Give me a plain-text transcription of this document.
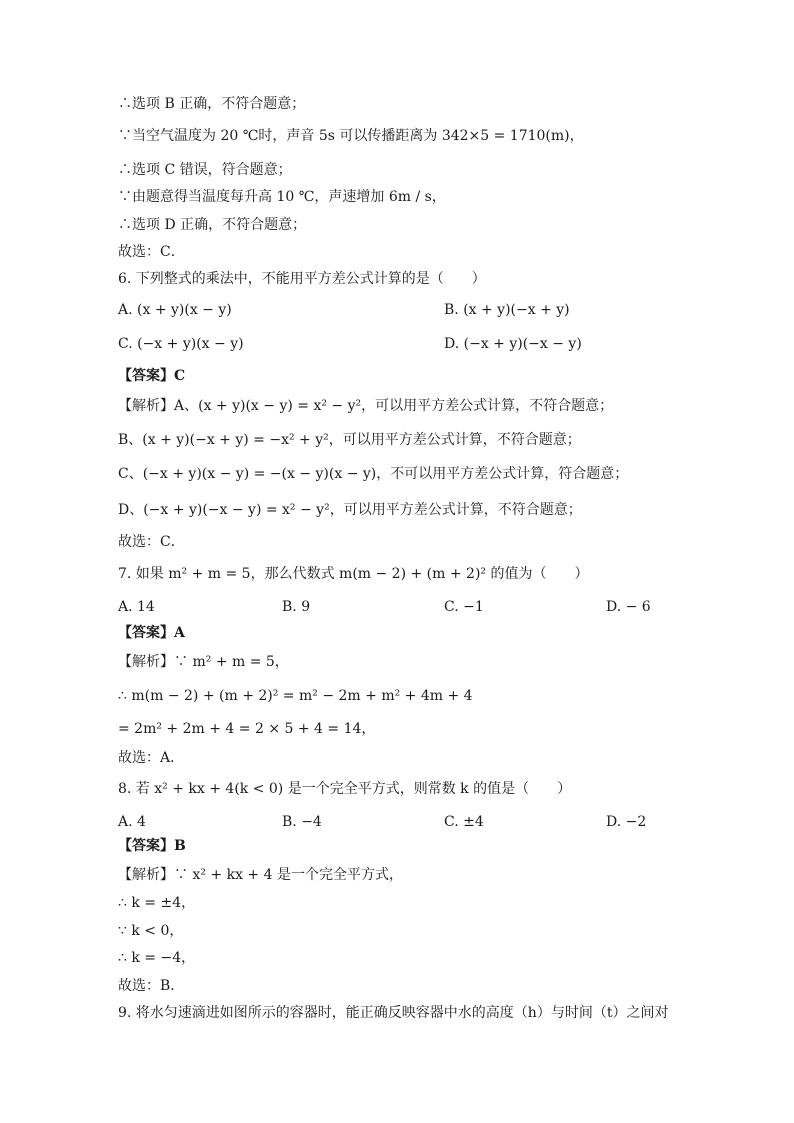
∴选项 B 正确，不符合题意；
∵当空气温度为 20 ℃时，声音 5s 可以传播距离为 342×5 = 1710(m)，
∴选项 C 错误，符合题意；
∵由题意得当温度每升高 10 ℃，声速增加 6m / s，
∴选项 D 正确，不符合题意；
故选：C．
6. 下列整式的乘法中，不能用平方差公式计算的是（　　）
A. (x + y)(x − y)	B. (x + y)(−x + y)
C. (−x + y)(x − y)	D. (−x + y)(−x − y)
【答案】C
【解析】A、(x + y)(x − y) = x² − y²，可以用平方差公式计算，不符合题意；
B、(x + y)(−x + y) = −x² + y²，可以用平方差公式计算，不符合题意；
C、(−x + y)(x − y) = −(x − y)(x − y)，不可以用平方差公式计算，符合题意；
D、(−x + y)(−x − y) = x² − y²，可以用平方差公式计算，不符合题意；
故选：C．
7. 如果 m² + m = 5，那么代数式 m(m − 2) + (m + 2)² 的值为（　　）
A. 14	B. 9	C. −1	D. − 6
【答案】A
【解析】∵ m² + m = 5，
∴ m(m − 2) + (m + 2)² = m² − 2m + m² + 4m + 4
= 2m² + 2m + 4 = 2 × 5 + 4 = 14，
故选：A．
8. 若 x² + kx + 4(k < 0) 是一个完全平方式，则常数 k 的值是（　　）
A. 4	B. −4	C. ±4	D. −2
【答案】B
【解析】∵ x² + kx + 4 是一个完全平方式，
∴ k = ±4，
∵ k < 0，
∴ k = −4，
故选：B．
9. 将水匀速滴进如图所示的容器时，能正确反映容器中水的高度（h）与时间（t）之间对
